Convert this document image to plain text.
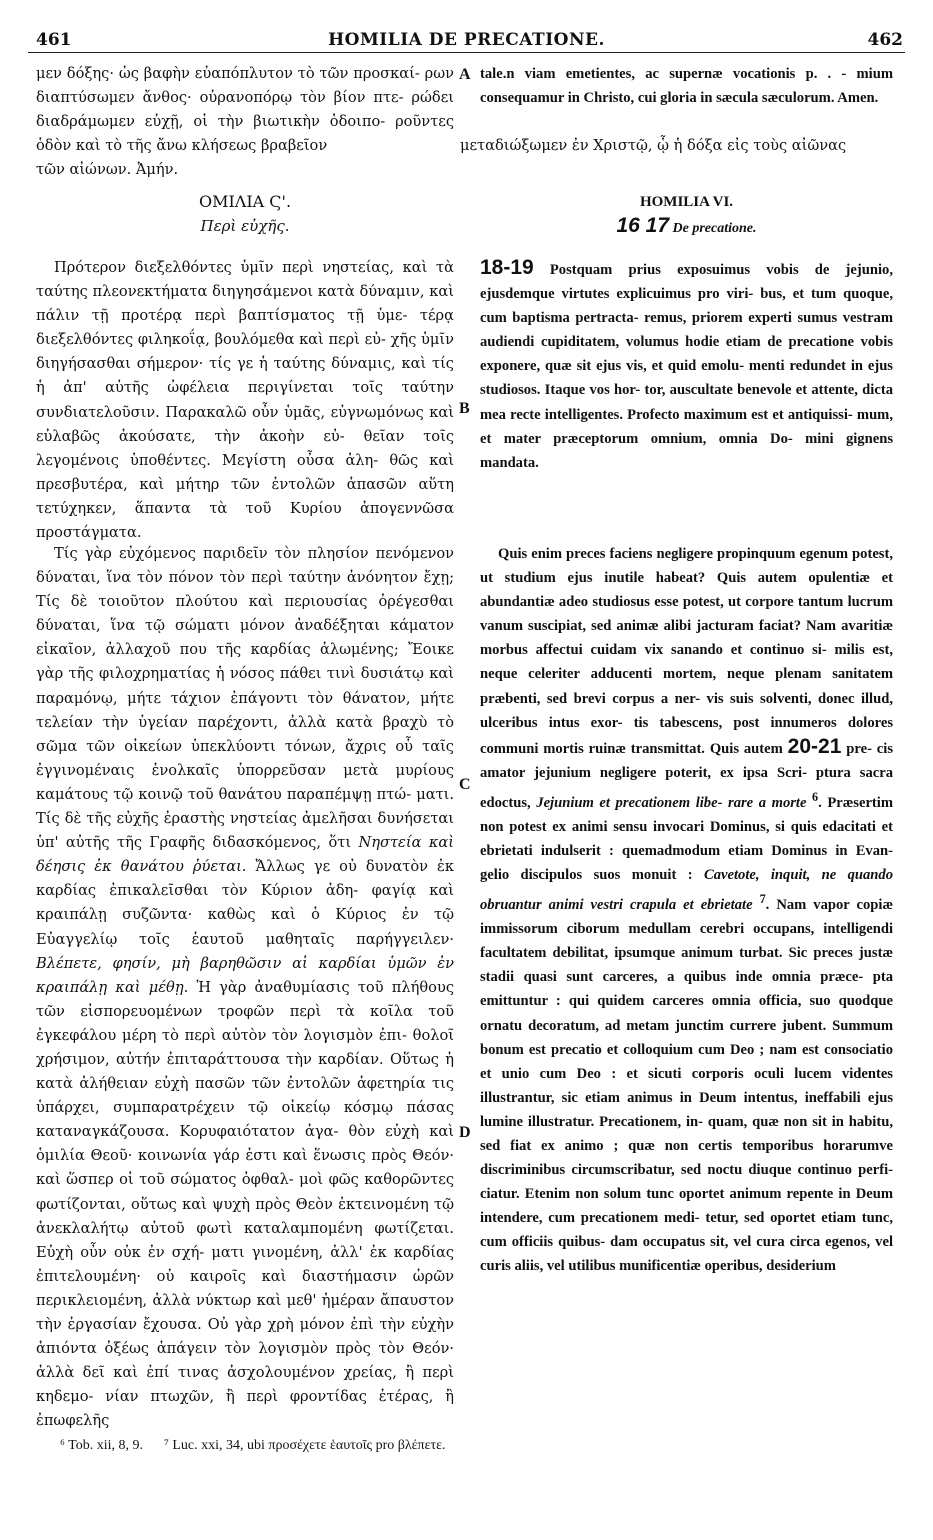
461	HOMILIA DE PRECATIONE.	462

μεν δόξης· ὡς βαφὴν εὐαπόπλυτον τὸ τῶν προσκαί- ρων διαπτύσωμεν ἄνθος· οὐρανοπόρῳ τὸν βίον πτε- ρώδει διαδράμωμεν εὐχῇ, οἱ τὴν βιωτικὴν ὁδοιπο- ροῦντες ὁδὸν καὶ τὸ τῆς ἄνω κλήσεως βραβεῖον

τῶν αἰώνων. Ἀμήν.

ΟΜΙΛΙΑ Ϛ'.
Περὶ εὐχῆς.

Πρότερον διεξελθόντες ὑμῖν περὶ νηστείας, καὶ τὰ ταύτης πλεονεκτήματα διηγησάμενοι κατὰ δύναμιν, καὶ πάλιν τῇ προτέρᾳ περὶ βαπτίσματος τῇ ὑμε- τέρᾳ διεξελθόντες φιληκοΐᾳ, βουλόμεθα καὶ περὶ εὐ- χῆς ὑμῖν διηγήσασθαι σήμερον· τίς γε ἡ ταύτης δύναμις, καὶ τίς ἡ ἀπ' αὐτῆς ὠφέλεια περιγίνεται τοῖς ταύτην συνδιατελοῦσιν. Παρακαλῶ οὖν ὑμᾶς, εὐγνωμόνως καὶ εὐλαβῶς ἀκούσατε, τὴν ἀκοὴν εὐ- θεῖαν τοῖς λεγομένοις ὑποθέντες. Μεγίστη οὖσα ἀλη- θῶς καὶ πρεσβυτέρα, καὶ μήτηρ τῶν ἐντολῶν ἁπασῶν αὕτη τετύχηκεν, ἅπαντα τὰ τοῦ Κυρίου ἀπογεννῶσα προστάγματα.

Τίς γὰρ εὐχόμενος παριδεῖν τὸν πλησίον πενόμενον δύναται, ἵνα τὸν πόνον τὸν περὶ ταύτην ἀνόνητον ἔχῃ; Τίς δὲ τοιοῦτον πλούτου καὶ περιουσίας ὀρέγεσθαι δύναται, ἵνα τῷ σώματι μόνον ἀναδέξηται κάματον εἰκαῖον, ἀλλαχοῦ που τῆς καρδίας ἀλωμένης; Ἔοικε γὰρ τῆς φιλοχρηματίας ἡ νόσος πάθει τινὶ δυσιάτῳ καὶ παραμόνῳ, μήτε τάχιον ἐπάγοντι τὸν θάνατον, μήτε τελείαν τὴν ὑγείαν παρέχοντι, ἀλλὰ κατὰ βραχὺ τὸ σῶμα τῶν οἰκείων ὑπεκλύοντι τόνων, ἄχρις οὗ ταῖς ἐγγινομέναις ἑνολκαῖς ὑπορρεῦσαν μετὰ μυρίους καμάτους τῷ κοινῷ τοῦ θανάτου παραπέμψῃ πτώ- ματι. Τίς δὲ τῆς εὐχῆς ἐραστὴς νηστείας ἀμελῆσαι δυνήσεται ὑπ' αὐτῆς τῆς Γραφῆς διδασκόμενος, ὅτι Νηστεία καὶ δέησις ἐκ θανάτου ῥύεται. Ἄλλως γε οὐ δυνατὸν ἐκ καρδίας ἐπικαλεῖσθαι τὸν Κύριον ἀδη- φαγίᾳ καὶ κραιπάλῃ συζῶντα· καθὼς καὶ ὁ Κύριος ἐν τῷ Εὐαγγελίῳ τοῖς ἑαυτοῦ μαθηταῖς παρήγγειλεν· Βλέπετε, φησίν, μὴ βαρηθῶσιν αἱ καρδίαι ὑμῶν ἐν κραιπάλῃ καὶ μέθῃ. Ἡ γὰρ ἀναθυμίασις τοῦ πλήθους τῶν εἰσπορευομένων τροφῶν περὶ τὰ κοῖλα τοῦ ἐγκεφάλου μέρη τὸ περὶ αὐτὸν τὸν λογισμὸν ἐπι- θολοῖ χρήσιμον, αὐτήν ἐπιταράττουσα τὴν καρδίαν. Οὕτως ἡ κατὰ ἀλήθειαν εὐχὴ πασῶν τῶν ἐντολῶν ἀφετηρία τις ὑπάρχει, συμπαρατρέχειν τῷ οἰκείῳ κόσμῳ πάσας καταναγκάζουσα. Κορυφαιότατον ἀγα- θὸν εὐχὴ καὶ ὁμιλία Θεοῦ· κοινωνία γάρ ἐστι καὶ ἕνωσις πρὸς Θεόν· καὶ ὥσπερ οἱ τοῦ σώματος ὀφθαλ- μοὶ φῶς καθορῶντες φωτίζονται, οὕτως καὶ ψυχὴ πρὸς Θεὸν ἐκτεινομένη τῷ ἀνεκλαλήτῳ αὐτοῦ φωτὶ καταλαμπομένη φωτίζεται. Εὐχὴ οὖν οὐκ ἐν σχή- ματι γινομένη, ἀλλ' ἐκ καρδίας ἐπιτελουμένη· οὐ καιροῖς καὶ διαστήμασιν ὡρῶν περικλειομένη, ἀλλὰ νύκτωρ καὶ μεθ' ἡμέραν ἄπαυστον τὴν ἐργασίαν ἔχουσα. Οὐ γὰρ χρὴ μόνον ἐπὶ τὴν εὐχὴν ἀπιόντα ὀξέως ἀπάγειν τὸν λογισμὸν πρὸς τὸν Θεόν· ἀλλὰ δεῖ καὶ ἐπί τινας ἀσχολουμένον χρείας, ἢ περὶ κηδεμο- νίαν πτωχῶν, ἢ περὶ φροντίδας ἑτέρας, ἢ ἐπωφελῆς

A
B
C
D

tale.n viam emetientes, ac supernæ vocationis p. . - mium consequamur in Christo, cui gloria in sæcula sæculorum. Amen.

μεταδιώξωμεν ἐν Χριστῷ, ᾧ ἡ δόξα εἰς τοὺς αἰῶνας

HOMILIA VI.
16 17 De precatione.

18-19 Postquam prius exposuimus vobis de jejunio, ejusdemque virtutes explicuimus pro viri- bus, et tum quoque, cum baptisma pertracta- remus, priorem experti sumus vestram audiendi cupiditatem, volumus hodie etiam de precatione vobis exponere, quæ sit ejus vis, et quid emolu- menti redundet in ejus studiosos. Itaque vos hor- tor, auscultate benevole et attente, dicta mea recte intelligentes. Profecto maximum est et antiquissi- mum, et mater præceptorum omnium, omnia Do- mini gignens mandata.

Quis enim preces faciens negligere propinquum egenum potest, ut studium ejus inutile habeat? Quis autem opulentiæ et abundantiæ adeo studiosus esse potest, ut corpore tantum lucrum vanum suscipiat, sed animæ alibi jacturam faciat? Nam avaritiæ morbus affectui cuidam vix sanando et continuo si- milis est, neque celeriter adducenti mortem, neque plenam sanitatem præbenti, sed brevi corpus a ner- vis suis solventi, donec illud, ulceribus intus exor- tis tabescens, post innumeros dolores communi mortis ruinæ transmittat. Quis autem 20-21 pre- cis amator jejunium negligere poterit, ex ipsa Scri- ptura sacra edoctus, Jejunium et precationem libe- rare a morte $^6$. Præsertim non potest ex animi sensu invocari Dominus, si quis edacitati et ebrietati indulserit : quemadmodum etiam Dominus in Evan- gelio discipulos suos monuit : Cavetote, inquit, ne quando obruantur animi vestri crapula et ebrietate $^7$. Nam vapor copiæ immissorum ciborum medullam cerebri occupans, intelligendi facultatem debilitat, ipsumque animum turbat. Sic preces justæ stadii quasi sunt carceres, a quibus inde omnia præce- pta emittuntur : qui quidem carceres omnia officia, suo quodque ornatu decoratum, ad metam junctim currere jubent. Summum bonum est precatio et colloquium cum Deo ; nam est consociatio et unio cum Deo : et sicuti corporis oculi lucem videntes illustrantur, sic etiam animus in Deum intentus, ineffabili ejus lumine illustratur. Precationem, in- quam, quæ non sit in habitu, sed fiat ex animo ; quæ non certis temporibus horarumve discriminibus circumscribatur, sed noctu diuque continuo perfi- ciatur. Etenim non solum tunc oportet animum repente in Deum intendere, cum precationem medi- tetur, sed oportet etiam tunc, cum officiis quibus- dam occupatus sit, vel cura circa egenos, vel curis aliis, vel utilibus munificentiæ operibus, desiderium

⁶ Tob. xii, 8, 9. ⁷ Luc. xxi, 34, ubi προσέχετε ἑαυτοῖς pro βλέπετε.
